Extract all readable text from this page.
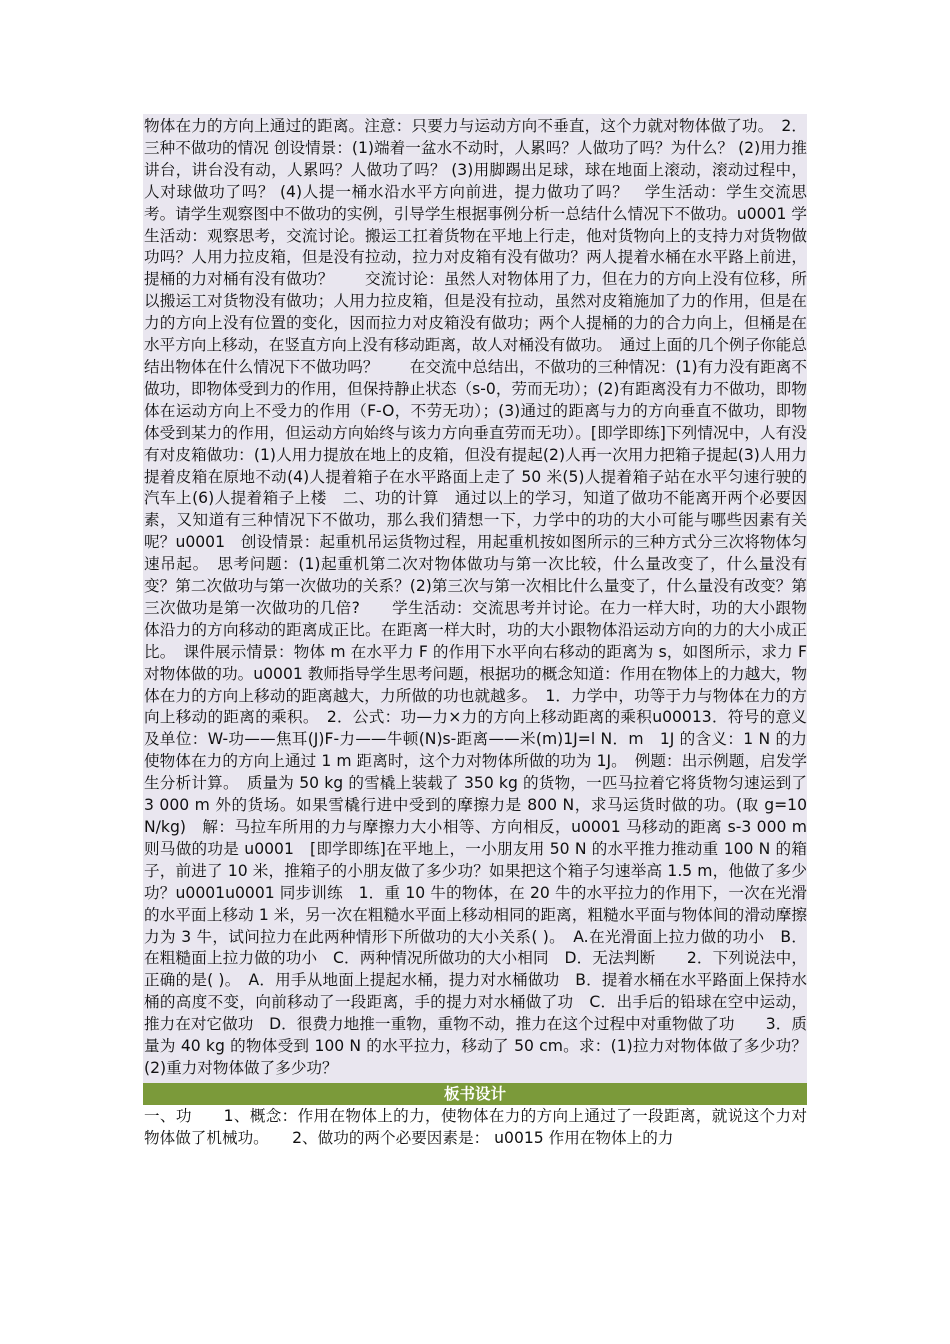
物体在力的方向上通过的距离。注意：只要力与运动方向不垂直，这个力就对物体做了功。　2．三种不做功的情况 创设情景：(1)端着一盆水不动时，人累吗？人做功了吗？为什么？ (2)用力推讲台，讲台没有动，人累吗？人做功了吗？ (3)用脚踢出足球，球在地面上滚动，滚动过程中，人对球做功了吗？ (4)人提一桶水沿水平方向前进，提力做功了吗？　学生活动：学生交流思考。请学生观察图中不做功的实例，引导学生根据事例分析一总结什么情况下不做功。u0001 学生活动：观察思考，交流讨论。搬运工扛着货物在平地上行走，他对货物向上的支持力对货物做功吗？人用力拉皮箱，但是没有拉动，拉力对皮箱有没有做功？两人提着水桶在水平路上前进，提桶的力对桶有没有做功？　　交流讨论：虽然人对物体用了力，但在力的方向上没有位移，所以搬运工对货物没有做功；人用力拉皮箱，但是没有拉动，虽然对皮箱施加了力的作用，但是在力的方向上没有位置的变化，因而拉力对皮箱没有做功；两个人提桶的力的合力向上，但桶是在水平方向上移动，在竖直方向上没有移动距离，故人对桶没有做功。　通过上面的几个例子你能总结出物体在什么情况下不做功吗？　　在交流中总结出，不做功的三种情况：(1)有力没有距离不做功，即物体受到力的作用，但保持静止状态（s-0，劳而无功）；(2)有距离没有力不做功，即物体在运动方向上不受力的作用（F-O，不劳无功）；(3)通过的距离与力的方向垂直不做功，即物体受到某力的作用，但运动方向始终与该力方向垂直劳而无功）。[即学即练]下列情况中，人有没有对皮箱做功：(1)人用力提放在地上的皮箱，但没有提起(2)人再一次用力把箱子提起(3)人用力提着皮箱在原地不动(4)人提着箱子在水平路面上走了 50 米(5)人提着箱子站在水平匀速行驶的汽车上(6)人提着箱子上楼　二、功的计算　通过以上的学习，知道了做功不能离开两个必要因素，又知道有三种情况下不做功，那么我们猜想一下，力学中的功的大小可能与哪些因素有关呢？u0001　创设情景：起重机吊运货物过程，用起重机按如图所示的三种方式分三次将物体匀速吊起。　思考问题：(1)起重机第二次对物体做功与第一次比较，什么量改变了，什么量没有变？第二次做功与第一次做功的关系？(2)第三次与第一次相比什么量变了，什么量没有改变？第三次做功是第一次做功的几倍?　　学生活动：交流思考并讨论。在力一样大时，功的大小跟物体沿力的方向移动的距离成正比。在距离一样大时，功的大小跟物体沿运动方向的力的大小成正比。　课件展示情景：物体 m 在水平力 F 的作用下水平向右移动的距离为 s，如图所示，求力 F 对物体做的功。u0001 教师指导学生思考问题，根据功的概念知道：作用在物体上的力越大，物体在力的方向上移动的距离越大，力所做的功也就越多。　1．力学中，功等于力与物体在力的方向上移动的距离的乘积。　2．公式：功—力×力的方向上移动距离的乘积u00013．符号的意义及单位：W-功——焦耳(J)F-力——牛顿(N)s-距离——米(m)1J=l N．m　1J 的含义：1 N 的力使物体在力的方向上通过 1 m 距离时，这个力对物体所做的功为 1J。　例题：出示例题，启发学生分析计算。　质量为 50 kg 的雪橇上装载了 350 kg 的货物，一匹马拉着它将货物匀速运到了 3 000 m 外的货场。如果雪橇行进中受到的摩擦力是 800 N，求马运货时做的功。(取 g=10 N/kg)　解：马拉车所用的力与摩擦力大小相等、方向相反，u0001 马移动的距离 s-3 000 m 则马做的功是 u0001　[即学即练]在平地上，一小朋友用 50 N 的水平推力推动重 100 N 的箱子，前进了 10 米，推箱子的小朋友做了多少功？如果把这个箱子匀速举高 1.5 m，他做了多少功？u0001u0001 同步训练　1．重 10 牛的物体，在 20 牛的水平拉力的作用下，一次在光滑的水平面上移动 1 米，另一次在粗糙水平面上移动相同的距离，粗糙水平面与物体间的滑动摩擦力为 3 牛，试问拉力在此两种情形下所做功的大小关系( )。　A.在光滑面上拉力做的功小　B．在粗糙面上拉力做的功小　C．两种情况所做功的大小相同　D．无法判断　　2．下列说法中，正确的是( )。　A．用手从地面上提起水桶，提力对水桶做功　B．提着水桶在水平路面上保持水桶的高度不变，向前移动了一段距离，手的提力对水桶做了功　C．出手后的铅球在空中运动，推力在对它做功　D．很费力地推一重物，重物不动，推力在这个过程中对重物做了功　　3．质量为 40 kg 的物体受到 100 N 的水平拉力，移动了 50 cm。求：(1)拉力对物体做了多少功？(2)重力对物体做了多少功？

板书设计

一、功　　1、概念：作用在物体上的力，使物体在力的方向上通过了一段距离，就说这个力对物体做了机械功。　　2、做功的两个必要因素是： u0015 作用在物体上的力
